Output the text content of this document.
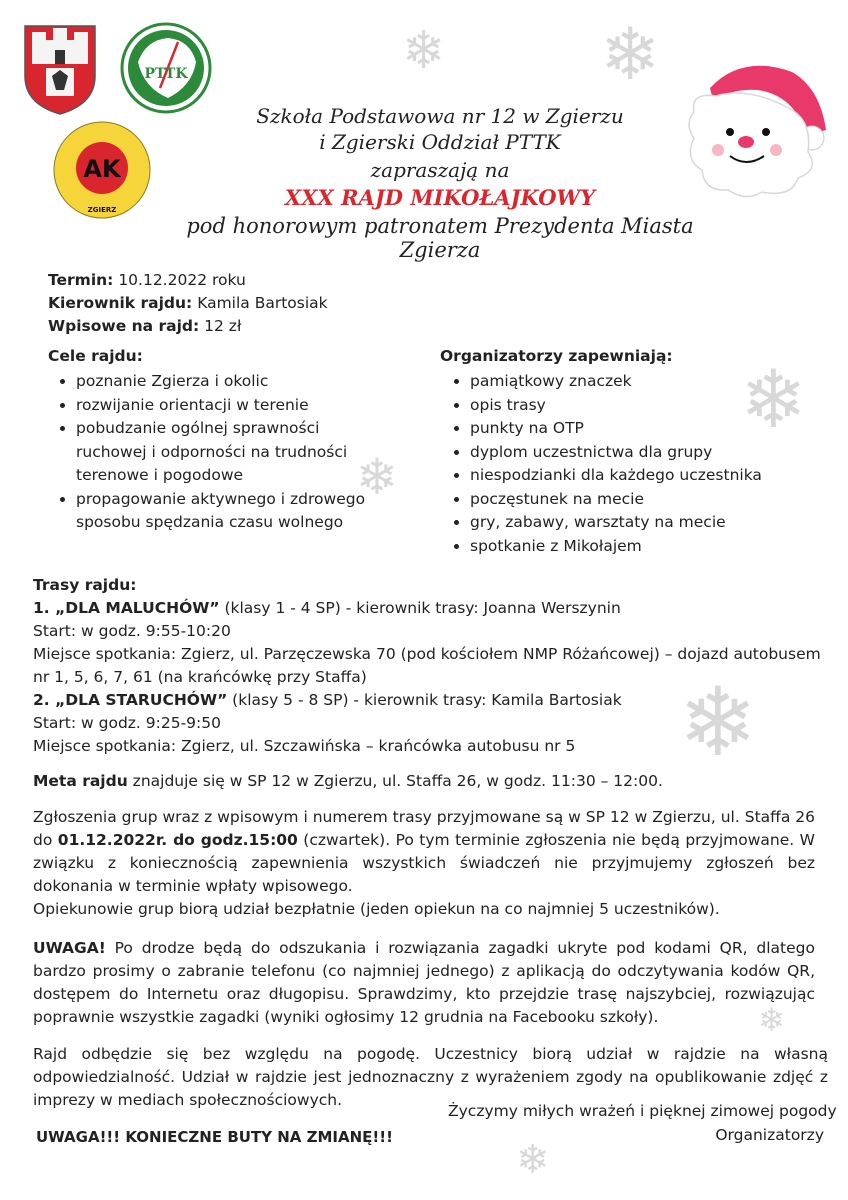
PTTK
AK
ZGIERZ
❄ ❄
❄
❄
❄
❄
❄
Szkoła Podstawowa nr 12 w Zgierzu
i Zgierski Oddział PTTK
zapraszają na
XXX RAJD MIKOŁAJKOWY
pod honorowym patronatem Prezydenta Miasta Zgierza
Termin: 10.12.2022 roku
Kierownik rajdu: Kamila Bartosiak
Wpisowe na rajd: 12 zł
Cele rajdu:
• poznanie Zgierza i okolic
• rozwijanie orientacji w terenie
• pobudzanie ogólnej sprawności ruchowej i odporności na trudności terenowe i pogodowe
• propagowanie aktywnego i zdrowego sposobu spędzania czasu wolnego
Organizatorzy zapewniają:
• pamiątkowy znaczek
• opis trasy
• punkty na OTP
• dyplom uczestnictwa dla grupy
• niespodzianki dla każdego uczestnika
• poczęstunek na mecie
• gry, zabawy, warsztaty na mecie
• spotkanie z Mikołajem
Trasy rajdu:
1. „DLA MALUCHÓW” (klasy 1 - 4 SP) - kierownik trasy: Joanna Werszynin
Start: w godz. 9:55-10:20
Miejsce spotkania: Zgierz, ul. Parzęczewska 70 (pod kościołem NMP Różańcowej) – dojazd autobusem nr 1, 5, 6, 7, 61 (na krańcówkę przy Staffa)
2. „DLA STARUCHÓW” (klasy 5 - 8 SP) - kierownik trasy: Kamila Bartosiak
Start: w godz. 9:25-9:50
Miejsce spotkania: Zgierz, ul. Szczawińska – krańcówka autobusu nr 5
Meta rajdu znajduje się w SP 12 w Zgierzu, ul. Staffa 26, w godz. 11:30 – 12:00.
Zgłoszenia grup wraz z wpisowym i numerem trasy przyjmowane są w SP 12 w Zgierzu, ul. Staffa 26 do 01.12.2022r. do godz.15:00 (czwartek). Po tym terminie zgłoszenia nie będą przyjmowane. W związku z koniecznością zapewnienia wszystkich świadczeń nie przyjmujemy zgłoszeń bez dokonania w terminie wpłaty wpisowego.
Opiekunowie grup biorą udział bezpłatnie (jeden opiekun na co najmniej 5 uczestników).
UWAGA! Po drodze będą do odszukania i rozwiązania zagadki ukryte pod kodami QR, dlatego bardzo prosimy o zabranie telefonu (co najmniej jednego) z aplikacją do odczytywania kodów QR, dostępem do Internetu oraz długopisu. Sprawdzimy, kto przejdzie trasę najszybciej, rozwiązując poprawnie wszystkie zagadki (wyniki ogłosimy 12 grudnia na Facebooku szkoły).
Rajd odbędzie się bez względu na pogodę. Uczestnicy biorą udział w rajdzie na własną odpowiedzialność. Udział w rajdzie jest jednoznaczny z wyrażeniem zgody na opublikowanie zdjęć z imprezy w mediach społecznościowych.
Życzymy miłych wrażeń i pięknej zimowej pogody
Organizatorzy
UWAGA!!! KONIECZNE BUTY NA ZMIANĘ!!!
